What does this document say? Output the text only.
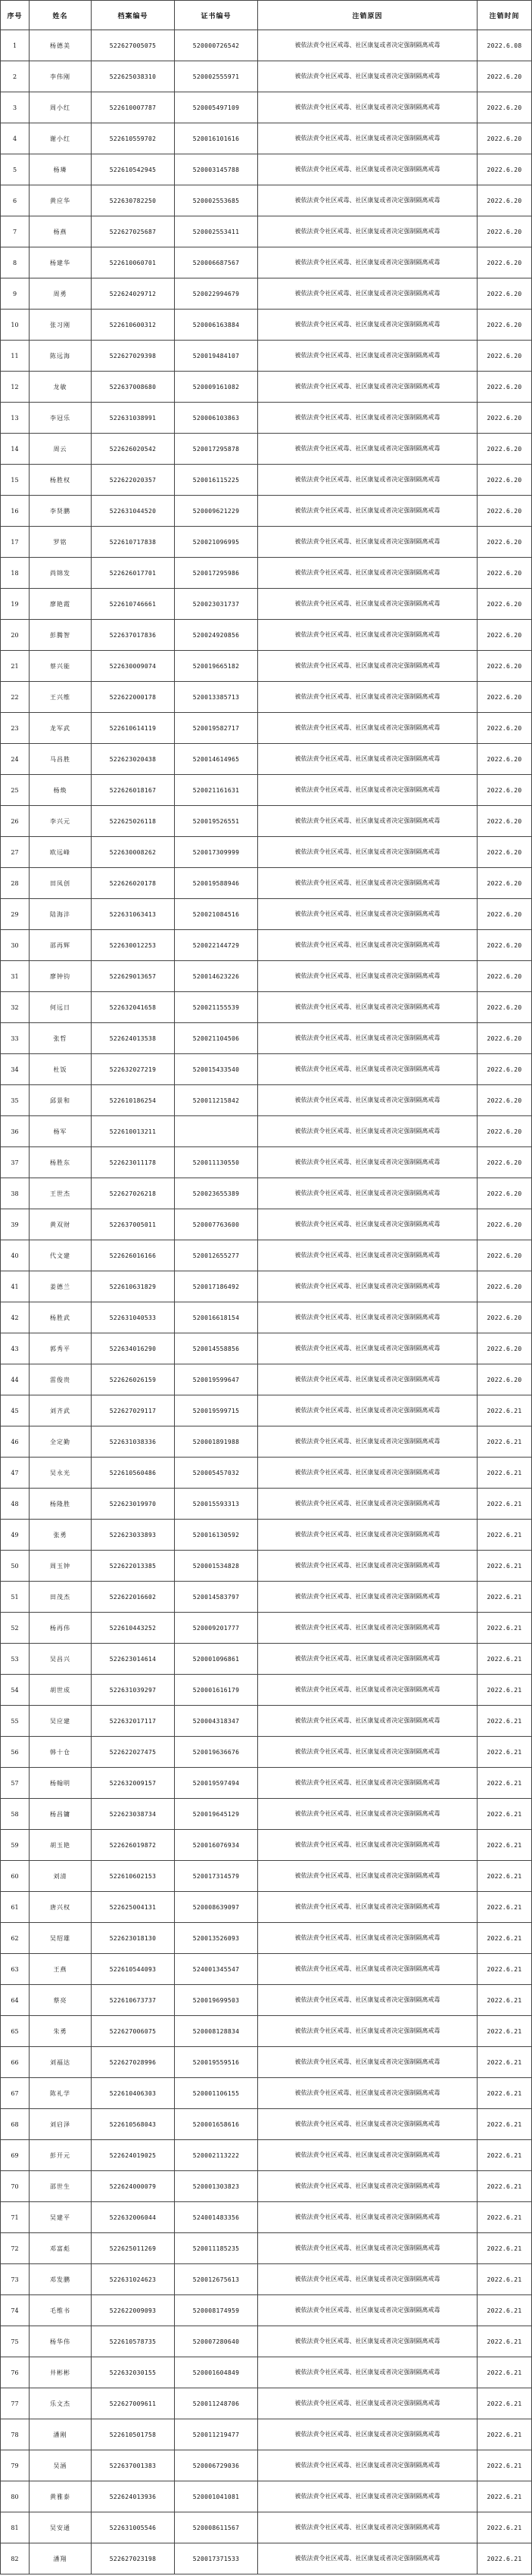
序号	姓名	档案编号	证书编号	注销原因	注销时间
1	杨德美	522627005075	520000726542	被依法责令社区戒毒、社区康复或者决定强制隔离戒毒	2022.6.08
2	李伟刚	522625038310	520002555971	被依法责令社区戒毒、社区康复或者决定强制隔离戒毒	2022.6.20
3	周小红	522610007787	520005497109	被依法责令社区戒毒、社区康复或者决定强制隔离戒毒	2022.6.20
4	谢小红	522610559702	520016101616	被依法责令社区戒毒、社区康复或者决定强制隔离戒毒	2022.6.20
5	杨璘	522610542945	520003145788	被依法责令社区戒毒、社区康复或者决定强制隔离戒毒	2022.6.20
6	黄应华	522630782250	520002553685	被依法责令社区戒毒、社区康复或者决定强制隔离戒毒	2022.6.20
7	杨燕	522627025687	520002553411	被依法责令社区戒毒、社区康复或者决定强制隔离戒毒	2022.6.20
8	杨建华	522610060701	520006687567	被依法责令社区戒毒、社区康复或者决定强制隔离戒毒	2022.6.20
9	周勇	522624029712	520022994679	被依法责令社区戒毒、社区康复或者决定强制隔离戒毒	2022.6.20
10	张习刚	522610600312	520006163884	被依法责令社区戒毒、社区康复或者决定强制隔离戒毒	2022.6.20
11	陈远海	522627029398	520019484107	被依法责令社区戒毒、社区康复或者决定强制隔离戒毒	2022.6.20
12	龙敏	522637008680	520009161082	被依法责令社区戒毒、社区康复或者决定强制隔离戒毒	2022.6.20
13	李冠乐	522631038991	520006103863	被依法责令社区戒毒、社区康复或者决定强制隔离戒毒	2022.6.20
14	周云	522626020542	520017295878	被依法责令社区戒毒、社区康复或者决定强制隔离戒毒	2022.6.20
15	杨胜权	522622020357	520016115225	被依法责令社区戒毒、社区康复或者决定强制隔离戒毒	2022.6.20
16	李贤鹏	522631044520	520009621229	被依法责令社区戒毒、社区康复或者决定强制隔离戒毒	2022.6.20
17	罗铭	522610717838	520021096995	被依法责令社区戒毒、社区康复或者决定强制隔离戒毒	2022.6.20
18	尚锦发	522626017701	520017295986	被依法责令社区戒毒、社区康复或者决定强制隔离戒毒	2022.6.20
19	廖艳霞	522610746661	520023031737	被依法责令社区戒毒、社区康复或者决定强制隔离戒毒	2022.6.20
20	彭腾智	522637017836	520024920856	被依法责令社区戒毒、社区康复或者决定强制隔离戒毒	2022.6.20
21	蔡兴能	522630009074	520019665182	被依法责令社区戒毒、社区康复或者决定强制隔离戒毒	2022.6.20
22	王兴维	522622000178	520013385713	被依法责令社区戒毒、社区康复或者决定强制隔离戒毒	2022.6.20
23	龙军武	522610614119	520019582717	被依法责令社区戒毒、社区康复或者决定强制隔离戒毒	2022.6.20
24	马昌胜	522623020438	520014614965	被依法责令社区戒毒、社区康复或者决定强制隔离戒毒	2022.6.20
25	杨焕	522626018167	520021161631	被依法责令社区戒毒、社区康复或者决定强制隔离戒毒	2022.6.20
26	李兴元	522625026118	520019526551	被依法责令社区戒毒、社区康复或者决定强制隔离戒毒	2022.6.20
27	欧远峰	522630008262	520017309999	被依法责令社区戒毒、社区康复或者决定强制隔离戒毒	2022.6.20
28	田凤创	522626020178	520019588946	被依法责令社区戒毒、社区康复或者决定强制隔离戒毒	2022.6.20
29	陆海沣	522631063413	520021084516	被依法责令社区戒毒、社区康复或者决定强制隔离戒毒	2022.6.20
30	邵再辉	522630012253	520022144729	被依法责令社区戒毒、社区康复或者决定强制隔离戒毒	2022.6.20
31	廖钟钧	522629013657	520014623226	被依法责令社区戒毒、社区康复或者决定强制隔离戒毒	2022.6.20
32	何远日	522632041658	520021155539	被依法责令社区戒毒、社区康复或者决定强制隔离戒毒	2022.6.20
33	张哲	522624013538	520021104506	被依法责令社区戒毒、社区康复或者决定强制隔离戒毒	2022.6.20
34	杜饭	522632027219	520015433540	被依法责令社区戒毒、社区康复或者决定强制隔离戒毒	2022.6.20
35	邱景和	522610186254	520011215842	被依法责令社区戒毒、社区康复或者决定强制隔离戒毒	2022.6.20
36	杨军	522610013211		被依法责令社区戒毒、社区康复或者决定强制隔离戒毒	2022.6.20
37	杨胜东	522623011178	520011130550	被依法责令社区戒毒、社区康复或者决定强制隔离戒毒	2022.6.20
38	王世杰	522627026218	520023655389	被依法责令社区戒毒、社区康复或者决定强制隔离戒毒	2022.6.20
39	黄双财	522637005011	520007763600	被依法责令社区戒毒、社区康复或者决定强制隔离戒毒	2022.6.20
40	代文建	522626016166	520012655277	被依法责令社区戒毒、社区康复或者决定强制隔离戒毒	2022.6.20
41	姜德兰	522610631829	520017186492	被依法责令社区戒毒、社区康复或者决定强制隔离戒毒	2022.6.20
42	杨胜武	522631040533	520016618154	被依法责令社区戒毒、社区康复或者决定强制隔离戒毒	2022.6.20
43	郭秀平	522634016290	520014558856	被依法责令社区戒毒、社区康复或者决定强制隔离戒毒	2022.6.20
44	雷俊贵	522626026159	520019599647	被依法责令社区戒毒、社区康复或者决定强制隔离戒毒	2022.6.20
45	刘齐武	522627029117	520019599715	被依法责令社区戒毒、社区康复或者决定强制隔离戒毒	2022.6.21
46	全定勤	522631038336	520001891988	被依法责令社区戒毒、社区康复或者决定强制隔离戒毒	2022.6.21
47	吴永光	522610560486	520005457032	被依法责令社区戒毒、社区康复或者决定强制隔离戒毒	2022.6.21
48	杨隆胜	522623019970	520015593313	被依法责令社区戒毒、社区康复或者决定强制隔离戒毒	2022.6.21
49	张勇	522623033893	520016130592	被依法责令社区戒毒、社区康复或者决定强制隔离戒毒	2022.6.21
50	周玉钟	522622013385	520001534828	被依法责令社区戒毒、社区康复或者决定强制隔离戒毒	2022.6.21
51	田茂杰	522622016602	520014583797	被依法责令社区戒毒、社区康复或者决定强制隔离戒毒	2022.6.21
52	杨再伟	522610443252	520009201777	被依法责令社区戒毒、社区康复或者决定强制隔离戒毒	2022.6.21
53	吴昌兴	522623014614	520001096861	被依法责令社区戒毒、社区康复或者决定强制隔离戒毒	2022.6.21
54	胡世成	522631039297	520001616179	被依法责令社区戒毒、社区康复或者决定强制隔离戒毒	2022.6.21
55	吴应建	522632017117	520004318347	被依法责令社区戒毒、社区康复或者决定强制隔离戒毒	2022.6.21
56	韩十仓	522622027475	520019636676	被依法责令社区戒毒、社区康复或者决定强制隔离戒毒	2022.6.21
57	杨翰明	522632009157	520019597494	被依法责令社区戒毒、社区康复或者决定强制隔离戒毒	2022.6.21
58	杨昌镛	522623038734	520019645129	被依法责令社区戒毒、社区康复或者决定强制隔离戒毒	2022.6.21
59	胡玉艳	522626019872	520016076934	被依法责令社区戒毒、社区康复或者决定强制隔离戒毒	2022.6.21
60	刘清	522610602153	520017314579	被依法责令社区戒毒、社区康复或者决定强制隔离戒毒	2022.6.21
61	唐兴权	522625004131	520008639097	被依法责令社区戒毒、社区康复或者决定强制隔离戒毒	2022.6.21
62	吴绍雄	522623018130	520013526093	被依法责令社区戒毒、社区康复或者决定强制隔离戒毒	2022.6.21
63	王燕	522610544093	524001345547	被依法责令社区戒毒、社区康复或者决定强制隔离戒毒	2022.6.21
64	蔡亮	522610673737	520019699503	被依法责令社区戒毒、社区康复或者决定强制隔离戒毒	2022.6.21
65	朱勇	522627006075	520008128834	被依法责令社区戒毒、社区康复或者决定强制隔离戒毒	2022.6.21
66	刘福达	522627028996	520019559516	被依法责令社区戒毒、社区康复或者决定强制隔离戒毒	2022.6.21
67	陈礼学	522610406303	520001106155	被依法责令社区戒毒、社区康复或者决定强制隔离戒毒	2022.6.21
68	刘启泽	522610568043	520001658616	被依法责令社区戒毒、社区康复或者决定强制隔离戒毒	2022.6.21
69	彭开元	522624019025	520002113222	被依法责令社区戒毒、社区康复或者决定强制隔离戒毒	2022.6.21
70	邵世生	522624000079	520001303823	被依法责令社区戒毒、社区康复或者决定强制隔离戒毒	2022.6.21
71	吴建平	522632006044	524001483356	被依法责令社区戒毒、社区康复或者决定强制隔离戒毒	2022.6.21
72	邓富彪	522625011269	520011185235	被依法责令社区戒毒、社区康复或者决定强制隔离戒毒	2022.6.21
73	邓发鹏	522631024623	520012675613	被依法责令社区戒毒、社区康复或者决定强制隔离戒毒	2022.6.21
74	毛维书	522622009093	520008174959	被依法责令社区戒毒、社区康复或者决定强制隔离戒毒	2022.6.21
75	杨华伟	522610578735	520007280640	被依法责令社区戒毒、社区康复或者决定强制隔离戒毒	2022.6.21
76	井彬彬	522632030155	520001604849	被依法责令社区戒毒、社区康复或者决定强制隔离戒毒	2022.6.21
77	乐文杰	522627009611	520011248706	被依法责令社区戒毒、社区康复或者决定强制隔离戒毒	2022.6.21
78	潘刚	522610501758	520011219477	被依法责令社区戒毒、社区康复或者决定强制隔离戒毒	2022.6.21
79	吴涵	522637001383	520006729036	被依法责令社区戒毒、社区康复或者决定强制隔离戒毒	2022.6.21
80	黄雅泰	522624013936	520001041081	被依法责令社区戒毒、社区康复或者决定强制隔离戒毒	2022.6.21
81	吴安通	522631005546	520008611567	被依法责令社区戒毒、社区康复或者决定强制隔离戒毒	2022.6.21
82	潘翔	522627023198	520017371533	被依法责令社区戒毒、社区康复或者决定强制隔离戒毒	2022.6.21
